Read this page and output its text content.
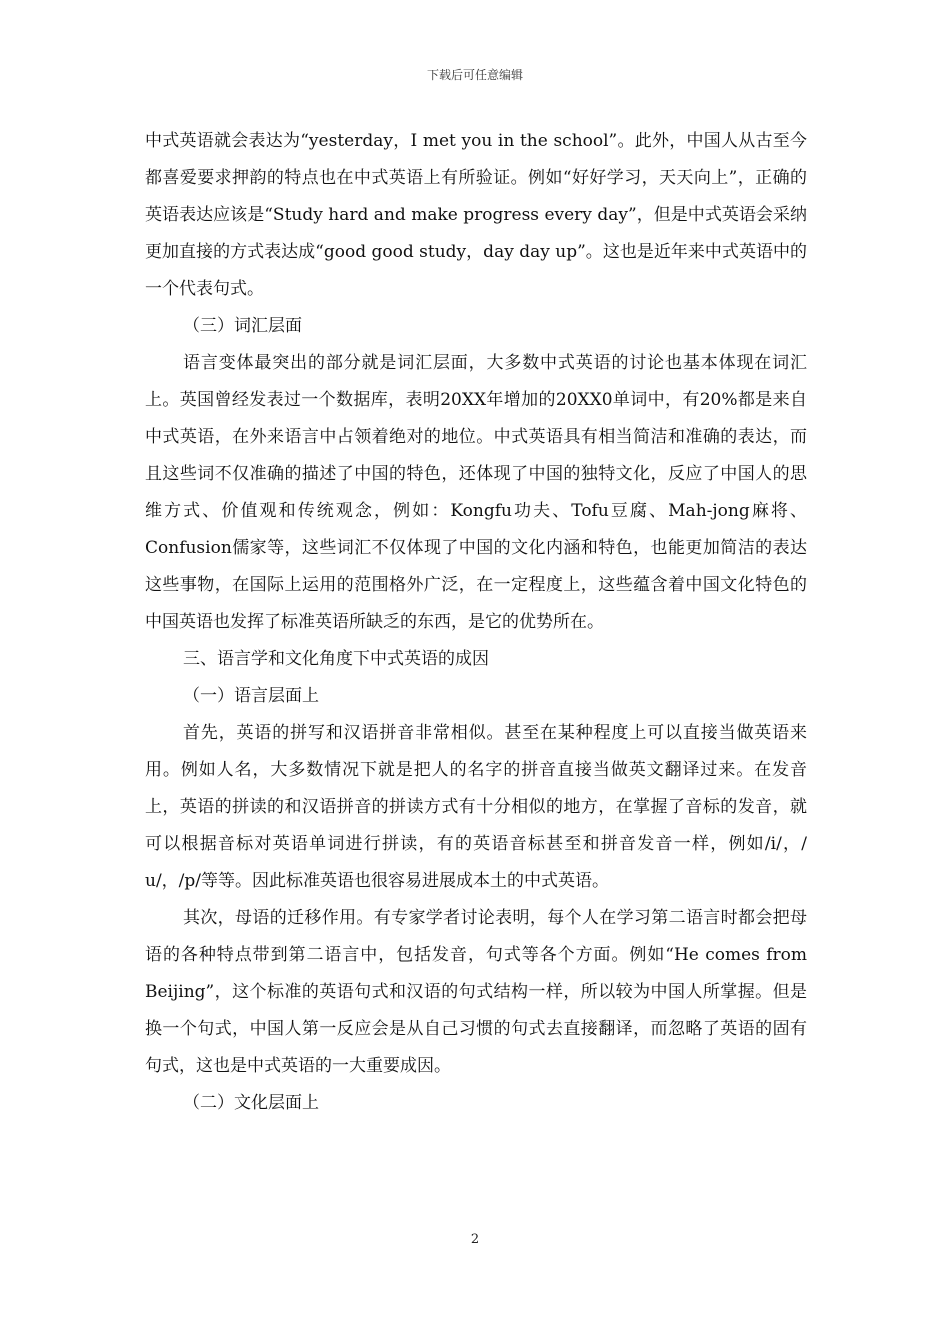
下载后可任意编辑

中式英语就会表达为“yesterday，I met you in the school”。此外，中国人从古至今都喜爱要求押韵的特点也在中式英语上有所验证。例如“好好学习，天天向上”，正确的英语表达应该是“Study hard and make progress every day”，但是中式英语会采纳更加直接的方式表达成“good good study，day day up”。这也是近年来中式英语中的一个代表句式。

（三）词汇层面

语言变体最突出的部分就是词汇层面，大多数中式英语的讨论也基本体现在词汇上。英国曾经发表过一个数据库，表明20XX年增加的20XX0单词中，有20%都是来自中式英语，在外来语言中占领着绝对的地位。中式英语具有相当简洁和准确的表达，而且这些词不仅准确的描述了中国的特色，还体现了中国的独特文化，反应了中国人的思维方式、价值观和传统观念，例如：Kongfu功夫、Tofu豆腐、Mah-jong麻将、Confusion儒家等，这些词汇不仅体现了中国的文化内涵和特色，也能更加简洁的表达这些事物，在国际上运用的范围格外广泛，在一定程度上，这些蕴含着中国文化特色的中国英语也发挥了标准英语所缺乏的东西，是它的优势所在。

三、语言学和文化角度下中式英语的成因

（一）语言层面上

首先，英语的拼写和汉语拼音非常相似。甚至在某种程度上可以直接当做英语来用。例如人名，大多数情况下就是把人的名字的拼音直接当做英文翻译过来。在发音上，英语的拼读的和汉语拼音的拼读方式有十分相似的地方，在掌握了音标的发音，就可以根据音标对英语单词进行拼读，有的英语音标甚至和拼音发音一样，例如/i/，/ u/，/p/等等。因此标准英语也很容易进展成本土的中式英语。

其次，母语的迁移作用。有专家学者讨论表明，每个人在学习第二语言时都会把母语的各种特点带到第二语言中，包括发音，句式等各个方面。例如“He comes from Beijing”，这个标准的英语句式和汉语的句式结构一样，所以较为中国人所掌握。但是换一个句式，中国人第一反应会是从自己习惯的句式去直接翻译，而忽略了英语的固有句式，这也是中式英语的一大重要成因。

（二）文化层面上

2
